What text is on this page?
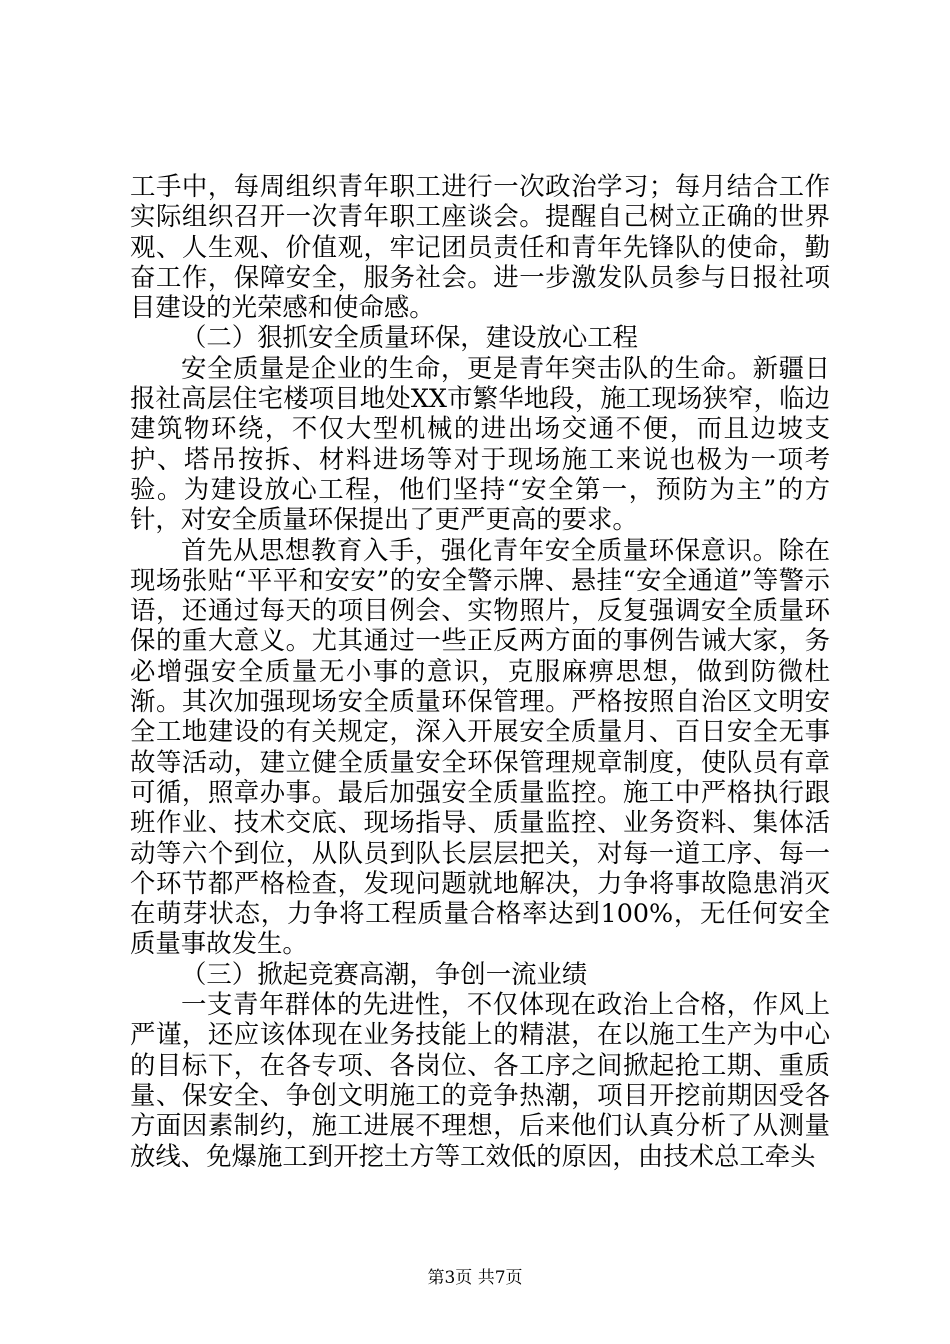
工手中，每周组织青年职工进行一次政治学习；每月结合工作实际组织召开一次青年职工座谈会。提醒自己树立正确的世界观、人生观、价值观，牢记团员责任和青年先锋队的使命，勤奋工作，保障安全，服务社会。进一步激发队员参与日报社项目建设的光荣感和使命感。

（二）狠抓安全质量环保，建设放心工程

安全质量是企业的生命，更是青年突击队的生命。新疆日报社高层住宅楼项目地处XX市繁华地段，施工现场狭窄，临边建筑物环绕，不仅大型机械的进出场交通不便，而且边坡支护、塔吊按拆、材料进场等对于现场施工来说也极为一项考验。为建设放心工程，他们坚持“安全第一，预防为主”的方针，对安全质量环保提出了更严更高的要求。

首先从思想教育入手，强化青年安全质量环保意识。除在现场张贴“平平和安安”的安全警示牌、悬挂“安全通道”等警示语，还通过每天的项目例会、实物照片，反复强调安全质量环保的重大意义。尤其通过一些正反两方面的事例告诫大家，务必增强安全质量无小事的意识，克服麻痹思想，做到防微杜渐。其次加强现场安全质量环保管理。严格按照自治区文明安全工地建设的有关规定，深入开展安全质量月、百日安全无事故等活动，建立健全质量安全环保管理规章制度，使队员有章可循，照章办事。最后加强安全质量监控。施工中严格执行跟班作业、技术交底、现场指导、质量监控、业务资料、集体活动等六个到位，从队员到队长层层把关，对每一道工序、每一个环节都严格检查，发现问题就地解决，力争将事故隐患消灭在萌芽状态，力争将工程质量合格率达到100%，无任何安全质量事故发生。

（三）掀起竞赛高潮，争创一流业绩

一支青年群体的先进性，不仅体现在政治上合格，作风上严谨，还应该体现在业务技能上的精湛，在以施工生产为中心的目标下，在各专项、各岗位、各工序之间掀起抢工期、重质量、保安全、争创文明施工的竞争热潮，项目开挖前期因受各方面因素制约，施工进展不理想，后来他们认真分析了从测量放线、免爆施工到开挖土方等工效低的原因，由技术总工牵头

第3页 共7页
